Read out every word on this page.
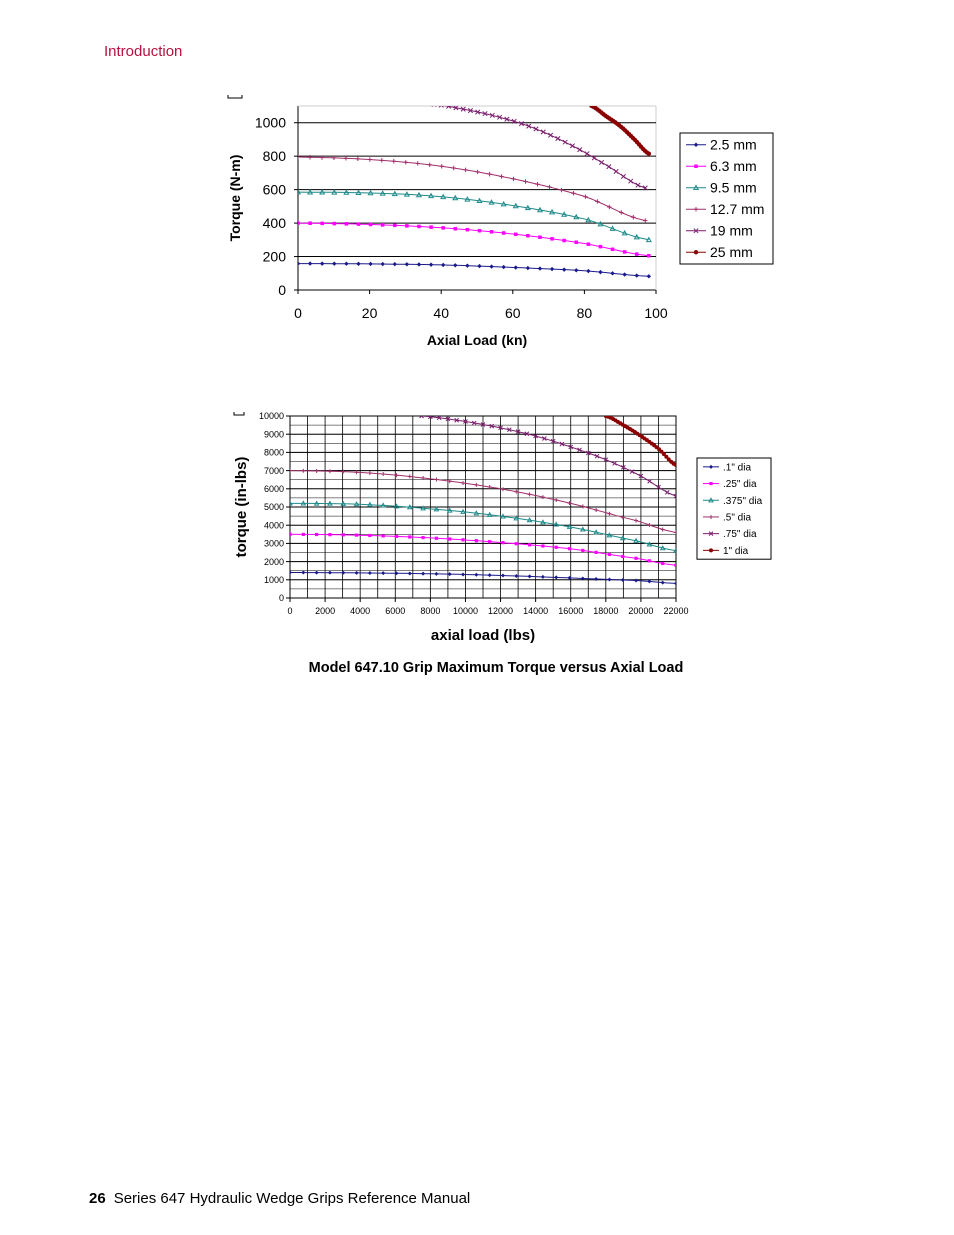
Introduction
0
200
400
600
800
1000
0	20	40	60	80	100
Axial Load (kn)
Torque (N-m)
2.5 mm
6.3 mm
9.5 mm
12.7 mm
19 mm
25 mm
0
1000
2000
3000
4000
5000
6000
7000
8000
9000
10000
0	2000 4000 6000 8000 10000 12000 14000 16000 18000 20000 22000
axial load (lbs)
torque (in-lbs)	.1" dia
.25" dia
.375" dia
.5" dia
.75" dia
1" dia
Model 647.10 Grip Maximum Torque versus Axial Load
26 Series 647 Hydraulic Wedge Grips Reference Manual
